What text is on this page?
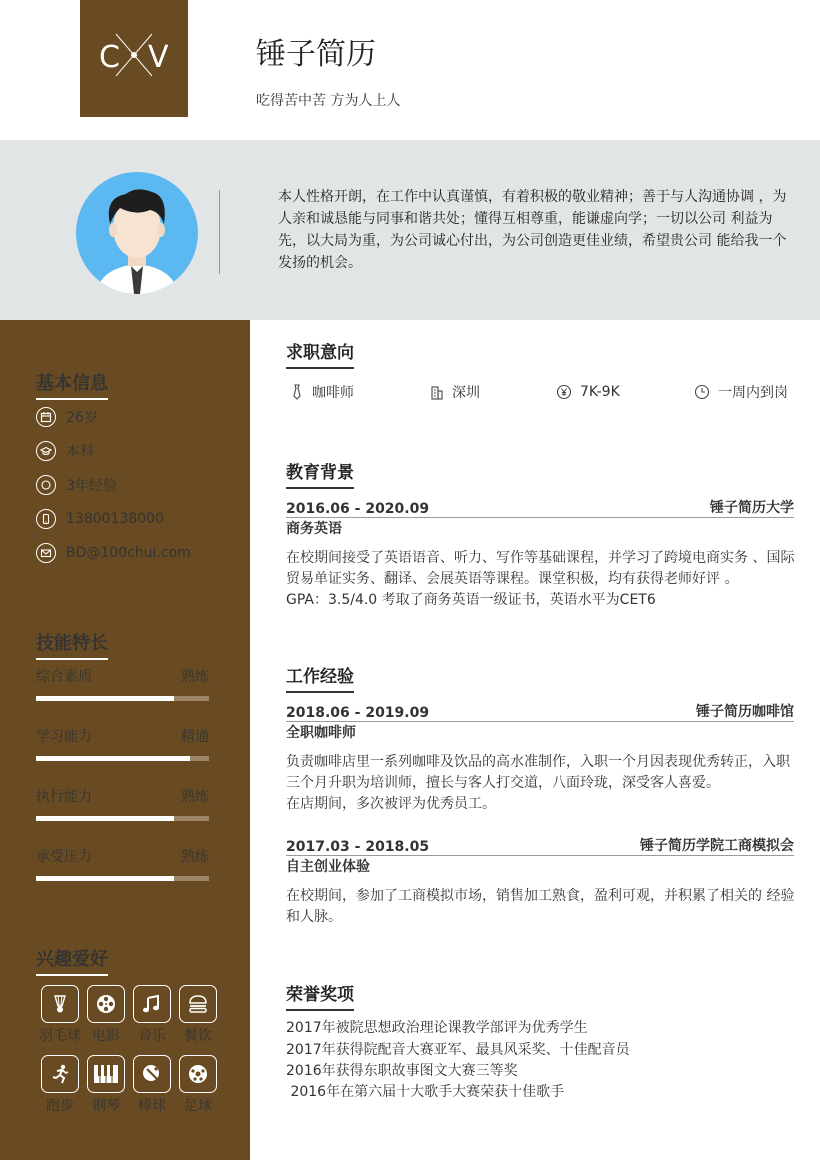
C V	锤子简历
吃得苦中苦 方为人上人
本人性格开朗，在工作中认真谨慎，有着积极的敬业精神；善于与人沟通协调 ，为人亲和诚恳能与同事和谐共处；懂得互相尊重，能谦虚向学；一切以公司 利益为先，以大局为重，为公司诚心付出，为公司创造更佳业绩，希望贵公司 能给我一个发扬的机会。
基本信息
26岁
本科
3年经验
13800138000
BD@100chui.com
技能特长
综合素质	熟练
学习能力	精通
执行能力	熟练
承受压力	熟练
兴趣爱好
羽毛球 电影	音乐	餐饮
跑步	钢琴	棒球	足球
求职意向
咖啡师	深圳	7K-9K	一周内到岗
教育背景
2016.06 - 2020.09	锤子简历大学
商务英语
在校期间接受了英语语音、听力、写作等基础课程，并学习了跨境电商实务 、国际贸易单证实务、翻译、会展英语等课程。课堂积极，均有获得老师好评 。
GPA：3.5/4.0 考取了商务英语一级证书，英语水平为CET6
工作经验
2018.06 - 2019.09	锤子简历咖啡馆
全职咖啡师
负责咖啡店里一系列咖啡及饮品的高水准制作，入职一个月因表现优秀转正，入职三个月升职为培训师，擅长与客人打交道，八面玲珑，深受客人喜爱。
在店期间，多次被评为优秀员工。
2017.03 - 2018.05	锤子简历学院工商模拟会
自主创业体验
在校期间，参加了工商模拟市场，销售加工熟食，盈利可观，并积累了相关的 经验和人脉。
荣誉奖项
2017年被院思想政治理论课教学部评为优秀学生
2017年获得院配音大赛亚军、最具风采奖、十佳配音员
2016年获得东职故事图文大赛三等奖
2016年在第六届十大歌手大赛荣获十佳歌手
